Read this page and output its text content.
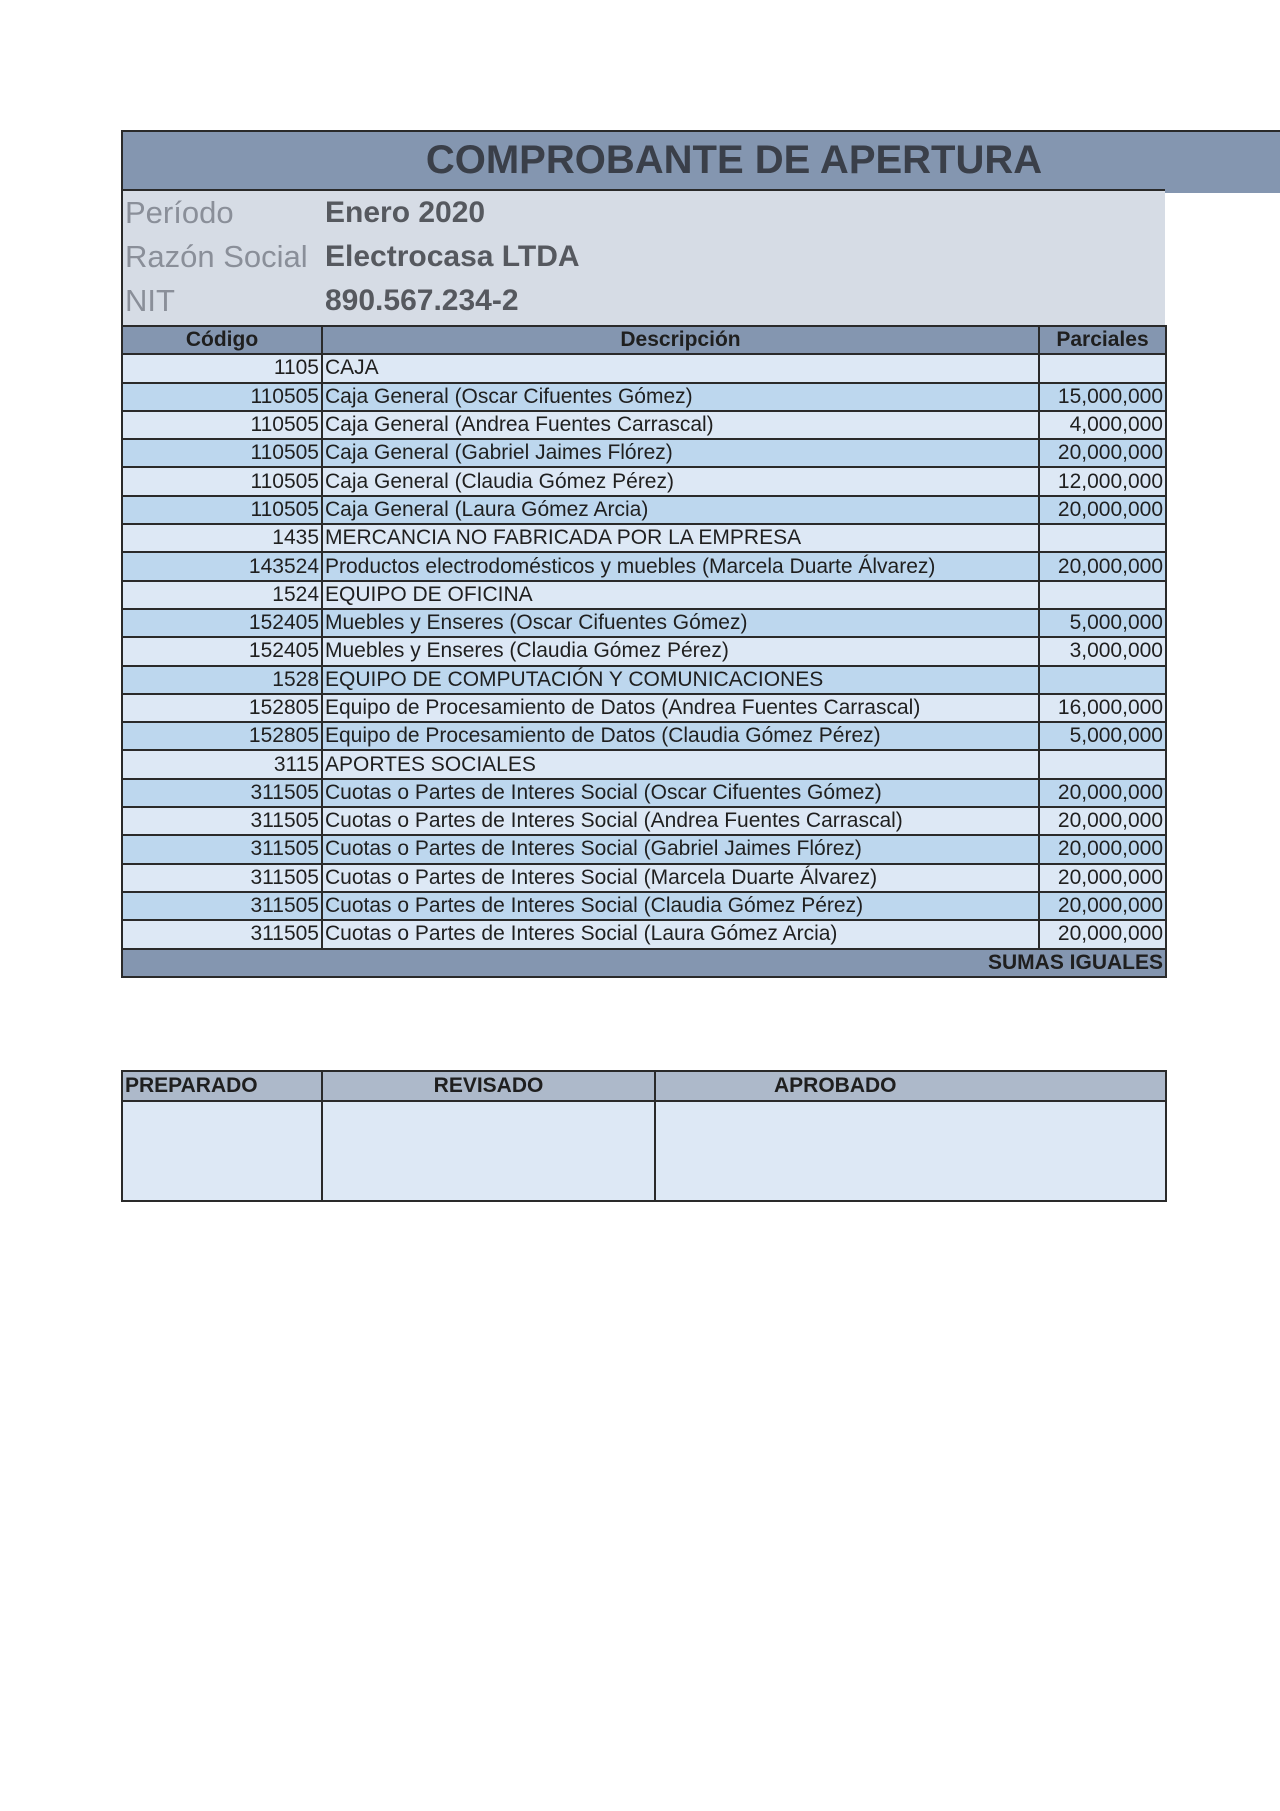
COMPROBANTE DE APERTURA
Período	Enero 2020
Razón Social Electrocasa LTDA
NIT	890.567.234-2
Código	Descripción	Parciales
1105	CAJA	
110505	Caja General (Oscar Cifuentes Gómez)	15,000,000
110505	Caja General (Andrea Fuentes Carrascal)	4,000,000
110505	Caja General (Gabriel Jaimes Flórez)	20,000,000
110505	Caja General (Claudia Gómez Pérez)	12,000,000
110505	Caja General (Laura Gómez Arcia)	20,000,000
1435	MERCANCIA NO FABRICADA POR LA EMPRESA	
143524	Productos electrodomésticos y muebles (Marcela Duarte Álvarez)	20,000,000
1524	EQUIPO DE OFICINA	
152405	Muebles y Enseres (Oscar Cifuentes Gómez)	5,000,000
152405	Muebles y Enseres (Claudia Gómez Pérez)	3,000,000
1528	EQUIPO DE COMPUTACIÓN Y COMUNICACIONES	
152805	Equipo de Procesamiento de Datos (Andrea Fuentes Carrascal)	16,000,000
152805	Equipo de Procesamiento de Datos (Claudia Gómez Pérez)	5,000,000
3115	APORTES SOCIALES	
311505	Cuotas o Partes de Interes Social (Oscar Cifuentes Gómez)	20,000,000
311505	Cuotas o Partes de Interes Social (Andrea Fuentes Carrascal)	20,000,000
311505	Cuotas o Partes de Interes Social (Gabriel Jaimes Flórez)	20,000,000
311505	Cuotas o Partes de Interes Social (Marcela Duarte Álvarez)	20,000,000
311505	Cuotas o Partes de Interes Social (Claudia Gómez Pérez)	20,000,000
311505	Cuotas o Partes de Interes Social (Laura Gómez Arcia)	20,000,000
SUMAS IGUALES		
PREPARADO	REVISADO	APROBADO
